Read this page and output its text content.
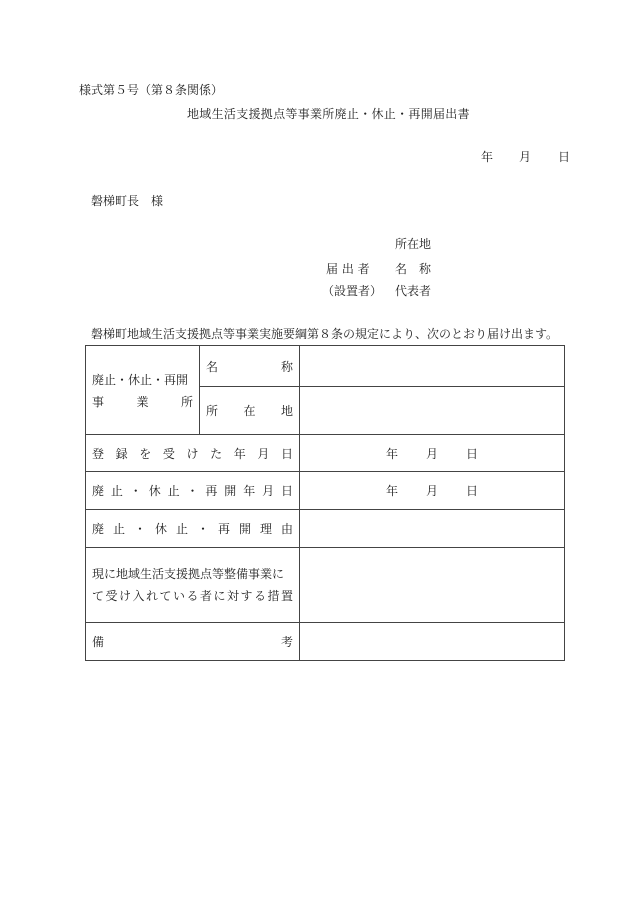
様式第５号（第８条関係）
地域生活支援拠点等事業所廃止・休止・再開届出書
年 月 日
磐梯町長　様
所在地
届 出 者 名　称
（設置者） 代表者
磐梯町地域生活支援拠点等事業実施要綱第８条の規定により、次のとおり届け出ます。
廃止・休止・再開
事業所	名称	

	所在地	

登録を受けた年月日		年 月 日

廃止・休止・再開年月日		年 月 日

廃止・休止・再開理由		

現に地域生活支援拠点等整備事業に
て受け入れている者に対する措置		

備考		
